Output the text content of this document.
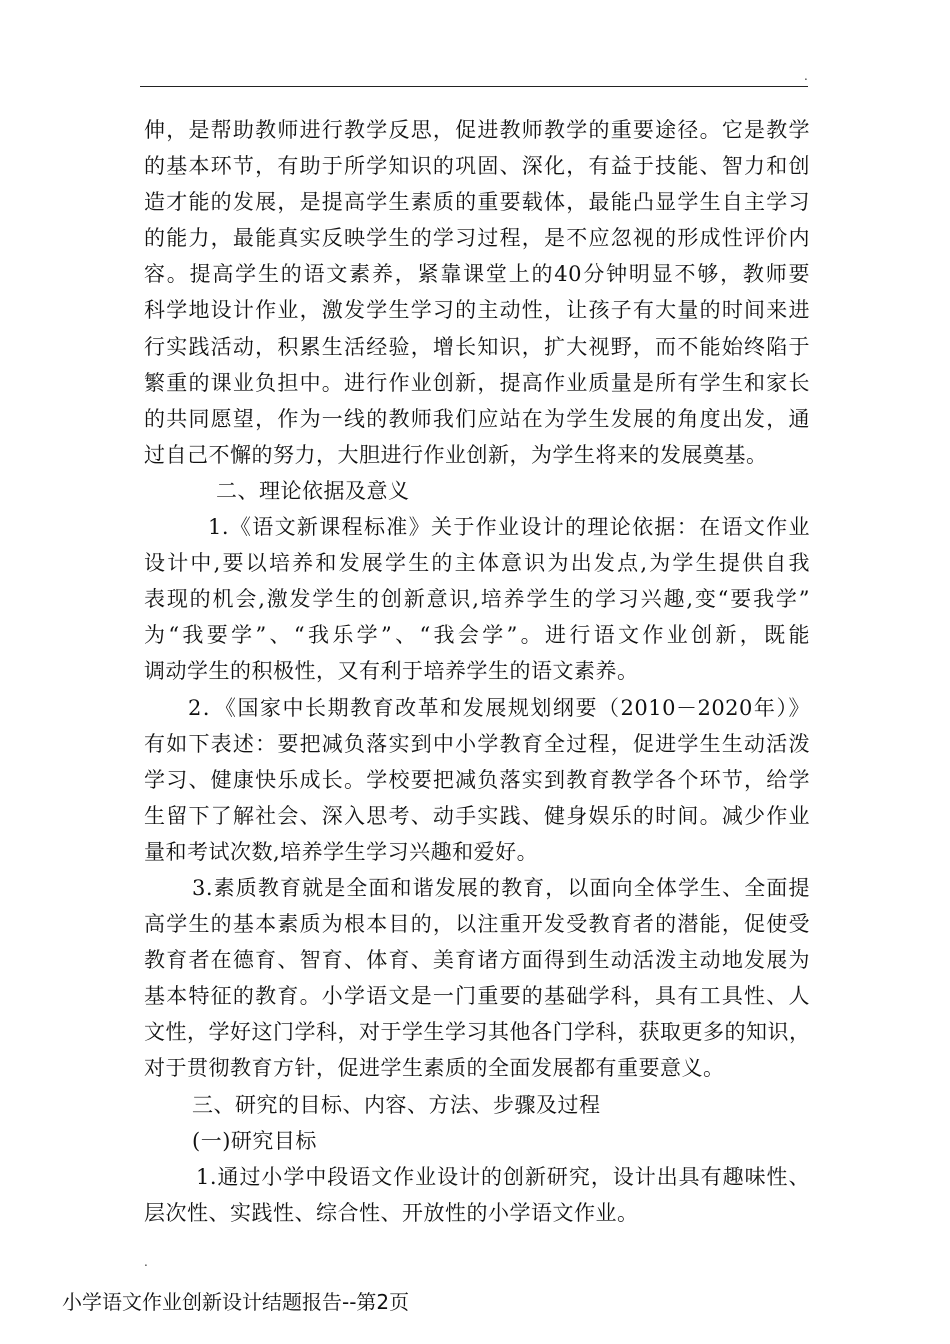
.
伸，是帮助教师进行教学反思，促进教师教学的重要途径。它是教学
的基本环节，有助于所学知识的巩固、深化，有益于技能、智力和创
造才能的发展，是提高学生素质的重要载体，最能凸显学生自主学习
的能力，最能真实反映学生的学习过程，是不应忽视的形成性评价内
容。提高学生的语文素养，紧靠课堂上的40分钟明显不够，教师要
科学地设计作业，激发学生学习的主动性，让孩子有大量的时间来进
行实践活动，积累生活经验，增长知识，扩大视野，而不能始终陷于
繁重的课业负担中。进行作业创新，提高作业质量是所有学生和家长
的共同愿望，作为一线的教师我们应站在为学生发展的角度出发，通
过自己不懈的努力，大胆进行作业创新，为学生将来的发展奠基。
二、理论依据及意义
1.《语文新课程标准》关于作业设计的理论依据：在语文作业
设计中,要以培养和发展学生的主体意识为出发点,为学生提供自我
表现的机会,激发学生的创新意识,培养学生的学习兴趣,变“要我学”
为“我要学”、“我乐学”、“我会学”。进行语文作业创新，既能
调动学生的积极性，又有利于培养学生的语文素养。
2．《国家中长期教育改革和发展规划纲要（2010－2020年）》
有如下表述：要把减负落实到中小学教育全过程，促进学生生动活泼
学习、健康快乐成长。学校要把减负落实到教育教学各个环节，给学
生留下了解社会、深入思考、动手实践、健身娱乐的时间。减少作业
量和考试次数,培养学生学习兴趣和爱好。
3.素质教育就是全面和谐发展的教育，以面向全体学生、全面提
高学生的基本素质为根本目的，以注重开发受教育者的潜能，促使受
教育者在德育、智育、体育、美育诸方面得到生动活泼主动地发展为
基本特征的教育。小学语文是一门重要的基础学科，具有工具性、人
文性，学好这门学科，对于学生学习其他各门学科，获取更多的知识，
对于贯彻教育方针，促进学生素质的全面发展都有重要意义。
三、研究的目标、内容、方法、步骤及过程
(一)研究目标
1.通过小学中段语文作业设计的创新研究，设计出具有趣味性、
层次性、实践性、综合性、开放性的小学语文作业。
.
小学语文作业创新设计结题报告--第2页
